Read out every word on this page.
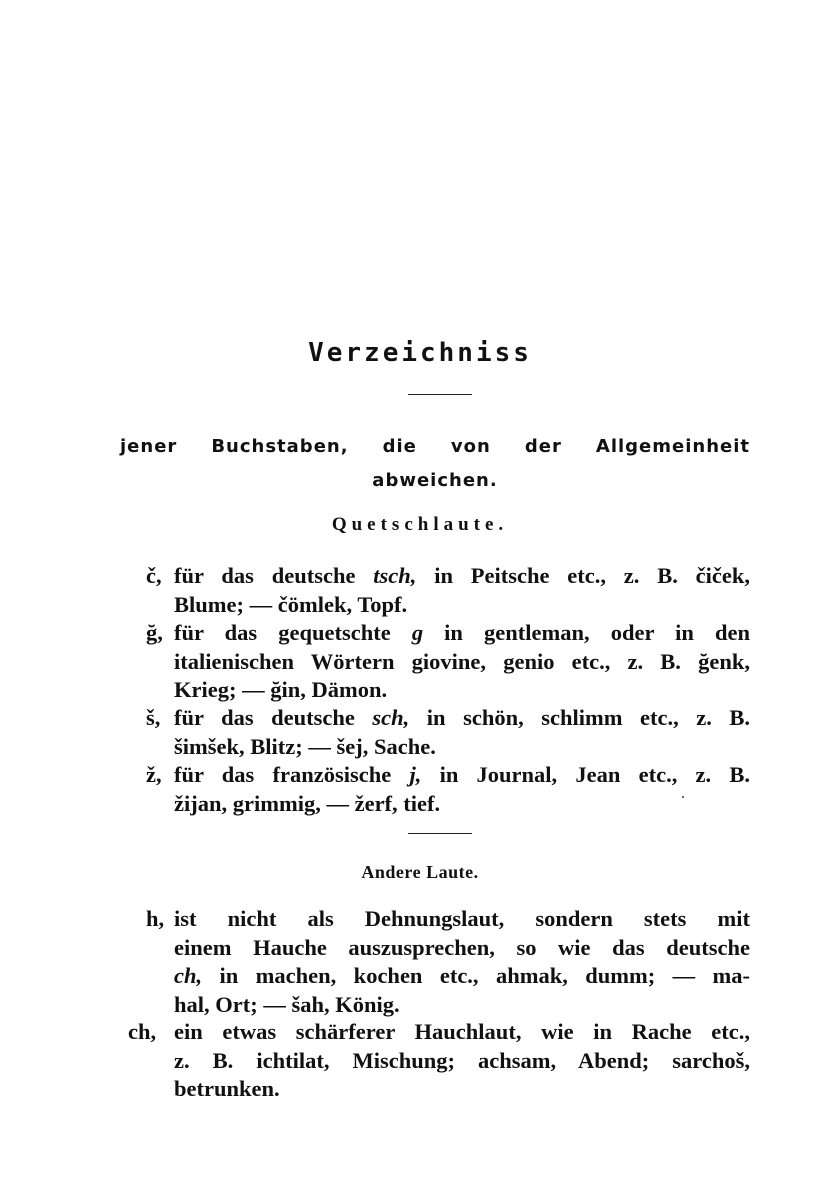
Verzeichniss
jener Buchstaben, die von der Allgemeinheit
abweichen.
Quetschlaute.
č, für das deutsche tsch, in Peitsche etc., z. B. čiček,
Blume; — čömlek, Topf.
ğ, für das gequetschte g in gentleman, oder in den
italienischen Wörtern giovine, genio etc., z. B. ğenk,
Krieg; — ğin, Dämon.
š, für das deutsche sch, in schön, schlimm etc., z. B.
šimšek, Blitz; — šej, Sache.
ž, für das französische j, in Journal, Jean etc., z. B.
žijan, grimmig, — žerf, tief.
Andere Laute.
h, ist nicht als Dehnungslaut, sondern stets mit
einem Hauche auszusprechen, so wie das deutsche
ch, in machen, kochen etc., ahmak, dumm; — ma-
hal, Ort; — šah, König.
ch, ein etwas schärferer Hauchlaut, wie in Rache etc.,
z. B. ichtilat, Mischung; achsam, Abend; sarchoš,
betrunken.
